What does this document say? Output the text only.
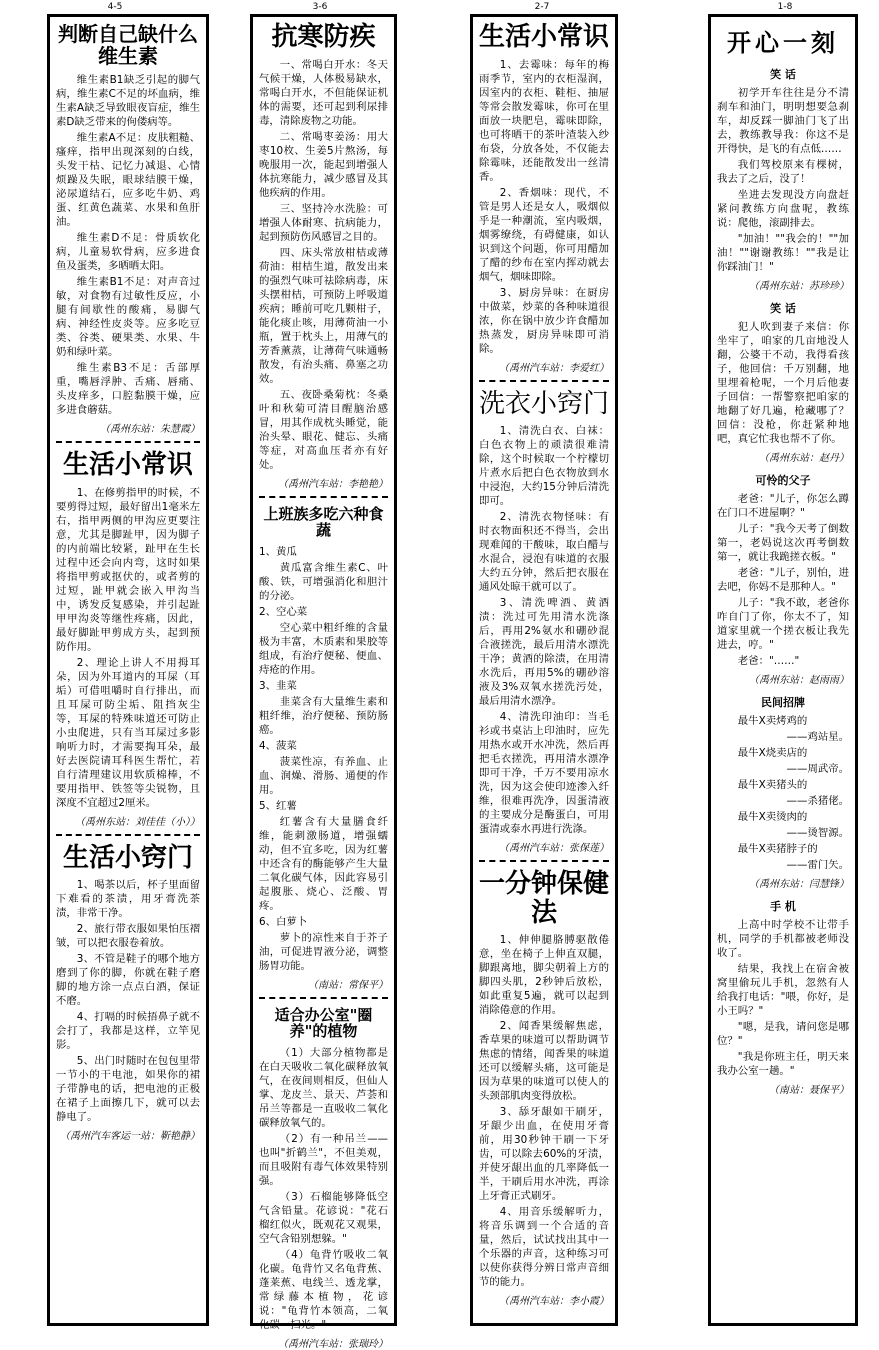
4-5	3-6	2-7	1-8
判断自己缺什么维生素

维生素B1缺乏引起的脚气病，维生素C不足的坏血病，维生素A缺乏导致眼夜盲症，维生素D缺乏带来的佝偻病等。

维生素A不足：皮肤粗糙、瘙痒，指甲出现深刻的白线，头发干枯、记忆力减退、心情烦躁及失眠，眼球结膜干燥，泌尿道结石，应多吃牛奶、鸡蛋、红黄色蔬菜、水果和鱼肝油。

维生素D不足：骨质软化病，儿童易软骨病，应多进食鱼及蛋类，多晒晒太阳。

维生素B1不足：对声音过敏，对食物有过敏性反应，小腿有间歇性的酸痛，易脚气病、神经性皮炎等。应多吃豆类、谷类、硬果类、水果、牛奶和绿叶菜。

维生素B3不足：舌部厚重，嘴唇浮肿、舌痛、唇痛、头皮痒多，口腔黏膜干燥，应多进食蘑菇。

（禹州东站：朱慧霞）
生活小常识

1、在修剪指甲的时候，不要剪得过短，最好留出1毫米左右，指甲两侧的甲沟应更要注意，尤其是脚趾甲，因为脚子的内前端比较紧，趾甲在生长过程中还会向内弯，这时如果将指甲剪或抠伏的，或者剪的过短，趾甲就会嵌入甲沟当中，诱发反复感染，并引起趾甲甲沟炎等继性疼痛，因此，最好脚趾甲剪成方头，起到预防作用。

2、理论上讲人不用拇耳朵，因为外耳道内的耳屎（耳垢）可借咀嚼时自行排出，而且耳屎可防尘垢、阻挡灰尘等，耳屎的特殊味道还可防止小虫爬进，只有当耳屎过多影响听力时，才需要掏耳朵，最好去医院请耳科医生帮忙，若自行清理建议用软质棉棒，不要用指甲、铁签等尖锐物，且深度不宜超过2厘米。

（禹州东站：刘佳佳（小））
生活小窍门

1、喝茶以后，杯子里面留下难看的茶渍，用牙膏洗茶渍，非常干净。

2、旅行带衣服如果怕压褶皱，可以把衣服卷着放。

3、不管是鞋子的哪个地方磨到了你的脚，你就在鞋子磨脚的地方涂一点点白酒，保证不磨。

4、打嗝的时候捂鼻子就不会打了，我都是这样，立竿见影。

5、出门时随时在包包里带一节小的干电池，如果你的裙子带静电的话，把电池的正极在裙子上面擦几下，就可以去静电了。

（禹州汽车客运一站：靳艳静）
抗寒防疾

一、常喝白开水：冬天气候干燥，人体极易缺水，常喝白开水，不但能保证机体的需要，还可起到利尿排毒，清除废物之功能。

二、常喝枣姜汤：用大枣10枚、生姜5片熬汤，每晚服用一次，能起到增强人体抗寒能力，减少感冒及其他疾病的作用。

三、坚持冷水洗脸：可增强人体耐寒、抗病能力，起到预防伤风感冒之目的。

四、床头常放柑桔或薄荷油：柑桔生道，散发出来的强烈气味可祛除病毒，床头摆柑桔，可预防上呼吸道疾病；睡前可吃几颗柑子，能化痰止咳，用薄荷油一小瓶，置于枕头上，用薄气的芳香薰蒸，让薄荷气味通畅散发，有治头痛、鼻塞之功效。

五、夜卧桑菊枕：冬桑叶和秋菊可清目醒脑治感冒，用其作成枕头睡觉，能治头晕、眼花、健忘、头痛等症，对高血压者亦有好处。

（禹州汽车站：李艳艳）
上班族多吃六种食蔬

1、黄瓜

黄瓜富含维生素C、叶酸、铁，可增强消化和胆汁的分泌。

2、空心菜

空心菜中粗纤维的含量极为丰富，木质素和果胶等组成，有治疗便秘、便血、痔疮的作用。

3、韭菜

韭菜含有大量维生素和粗纤维，治疗便秘、预防肠癌。

4、菠菜

菠菜性凉，有养血、止血、润燥、滑肠、通便的作用。

5、红薯

红薯含有大量膳食纤维，能刺激肠道，增强蠕动，但不宜多吃，因为红薯中还含有的酶能够产生大量二氧化碳气体，因此容易引起腹胀、烧心、泛酸、胃疼。

6、白萝卜

萝卜的凉性来自于芥子油，可促进胃液分泌，调整肠胃功能。

（南站：常保平）
适合办公室"圈养"的植物

（1）大部分植物都是在白天吸收二氧化碳释放氧气，在夜间则相反，但仙人掌、龙皮兰、景天、芦荟和吊兰等都是一直吸收二氧化碳释放氧气的。

（2）有一种吊兰——也叫"折鹤兰"，不但美观，而且吸附有毒气体效果特别强。

（3）石榴能够降低空气含铅量。花谚说："花石榴红似火，既观花又观果，空气含铅别想躲。"

（4）龟背竹吸收二氧化碳。龟背竹又名龟背蕉、蓬莱蕉、电线兰、透龙掌，常绿藤本植物，花谚说："龟背竹本领高，二氧化碳一扫光。"

（禹州汽车站：张瑞玲）
生活小常识

1、去霉味：每年的梅雨季节，室内的衣柜湿润，因室内的衣柜、鞋柜、抽屉等常会散发霉味，你可在里面放一块肥皂，霉味即除，也可将晒干的茶叶渣装入纱布袋，分放各处，不仅能去除霉味，还能散发出一丝清香。

2、香烟味：现代，不管是男人还是女人，吸烟似乎是一种潮流，室内吸烟，烟雾缭绕，有碍健康，如认识到这个问题，你可用醋加了醋的纱布在室内挥动就去烟气，烟味即除。

3、厨房异味：在厨房中做菜，炒菜的各种味道很浓，你在锅中放少许食醋加热蒸发，厨房异味即可消除。

（禹州汽车站：李爱红）
洗衣小窍门

1、清洗白衣、白袜：白色衣物上的顽渍很难清除，这个时候取一个柠檬切片煮水后把白色衣物放到水中浸泡，大约15分钟后清洗即可。

2、清洗衣物怪味：有时衣物面积还不得当，会出现难闻的干酸味，取白醋与水混合，浸泡有味道的衣服大约五分钟，然后把衣服在通风处晾干就可以了。

3、清洗啤酒、黄酒渍：洗过可先用清水洗涤后，再用2%氨水和硼砂混合液搓洗，最后用清水漂洗干净；黄酒的除渍，在用清水洗后，再用5%的硼砂溶液及3%双氧水搓洗污处，最后用清水漂净。

4、清洗印油印：当毛衫或书桌沾上印油时，应先用热水或开水冲洗，然后再把毛衣搓洗，再用清水漂净即可干净，千万不要用凉水洗，因为这会使印迹渗入纤维，很难再洗净，因蛋清液的主要成分是酶蛋白，可用蛋清或泰水再进行洗涤。

（禹州汽车站：张保莲）
一分钟保健法

1、伸伸腿胳膊驱散倦意，坐在椅子上伸直双腿，脚跟离地，脚尖朝着上方的脚四头肌，2秒钟后放松，如此重复5遍，就可以起到消除倦意的作用。

2、闻香果缓解焦虑，香草果的味道可以帮助调节焦虑的情绪，闻香果的味道还可以缓解头痛，这可能是因为草果的味道可以使人的头颈部肌肉变得放松。

3、舔牙龈如干刷牙，牙龈少出血，在使用牙膏前，用30秒钟干刷一下牙齿，可以除去60%的牙渍，并使牙龈出血的几率降低一半，干刷后用水冲洗，再涂上牙膏正式刷牙。

4、用音乐缓解听力，将音乐调到一个合适的音量，然后，试试找出其中一个乐器的声音，这种练习可以使你获得分辨日常声音细节的能力。

（禹州汽车站：李小霞）
开心一刻
笑 话

初学开车往往是分不清刹车和油门，明明想要急刹车，却反踩一脚油门飞了出去，教练教导我：你这不是开得快，是飞的有点低……

我们驾校原来有棵树，我去了之后，没了！

坐进去发现没方向盘赶紧问教练方向盘呢，教练说：爬他，滚副排去。

"加油！""我会的！""加油！""谢谢教练！""我是让你踩油门！"

（禹州东站：苏珍珍）
笑 话

犯人吹到妻子来信：你坐牢了，咱家的几亩地没人翻，公婆干不动，我得看孩子，他回信：千万别翻，地里埋着枪呢，一个月后他妻子回信：一帮警察把咱家的地翻了好几遍，枪藏哪了？回信：没枪，你赶紧种地吧，真它忙我也帮不了你。

（禹州东站：赵丹）
可怜的父子

老爸："儿子，你怎么蹲在门口不进屋啊？"

儿子："我今天考了倒数第一，老妈说这次再考倒数第一，就让我跪搓衣板。"

老爸："儿子，别怕，进去吧，你妈不是那种人。"

儿子："我不敢，老爸你咋自门了你，你太不了，知道家里就一个搓衣板让我先进去，哼。"

老爸："……"

（禹州东站：赵雨雨）
民间招牌

最牛X卖烤鸡的

——鸡站星。

最牛X烧卖店的

——周武帝。

最牛X卖猪头的

——杀猪佬。

最牛X卖烫肉的

——烫智源。

最牛X卖猪脖子的

——雷门矢。

（禹州东站：闫慧锋）
手 机

上高中时学校不让带手机，同学的手机都被老师没收了。

结果，我找上在宿舍被窝里偷玩儿手机，忽然有人给我打电话："喂，你好，是小王吗？"

"嗯，是我，请问您是哪位？"

"我是你班主任，明天来我办公室一趟。"

（南站：聂保平）
